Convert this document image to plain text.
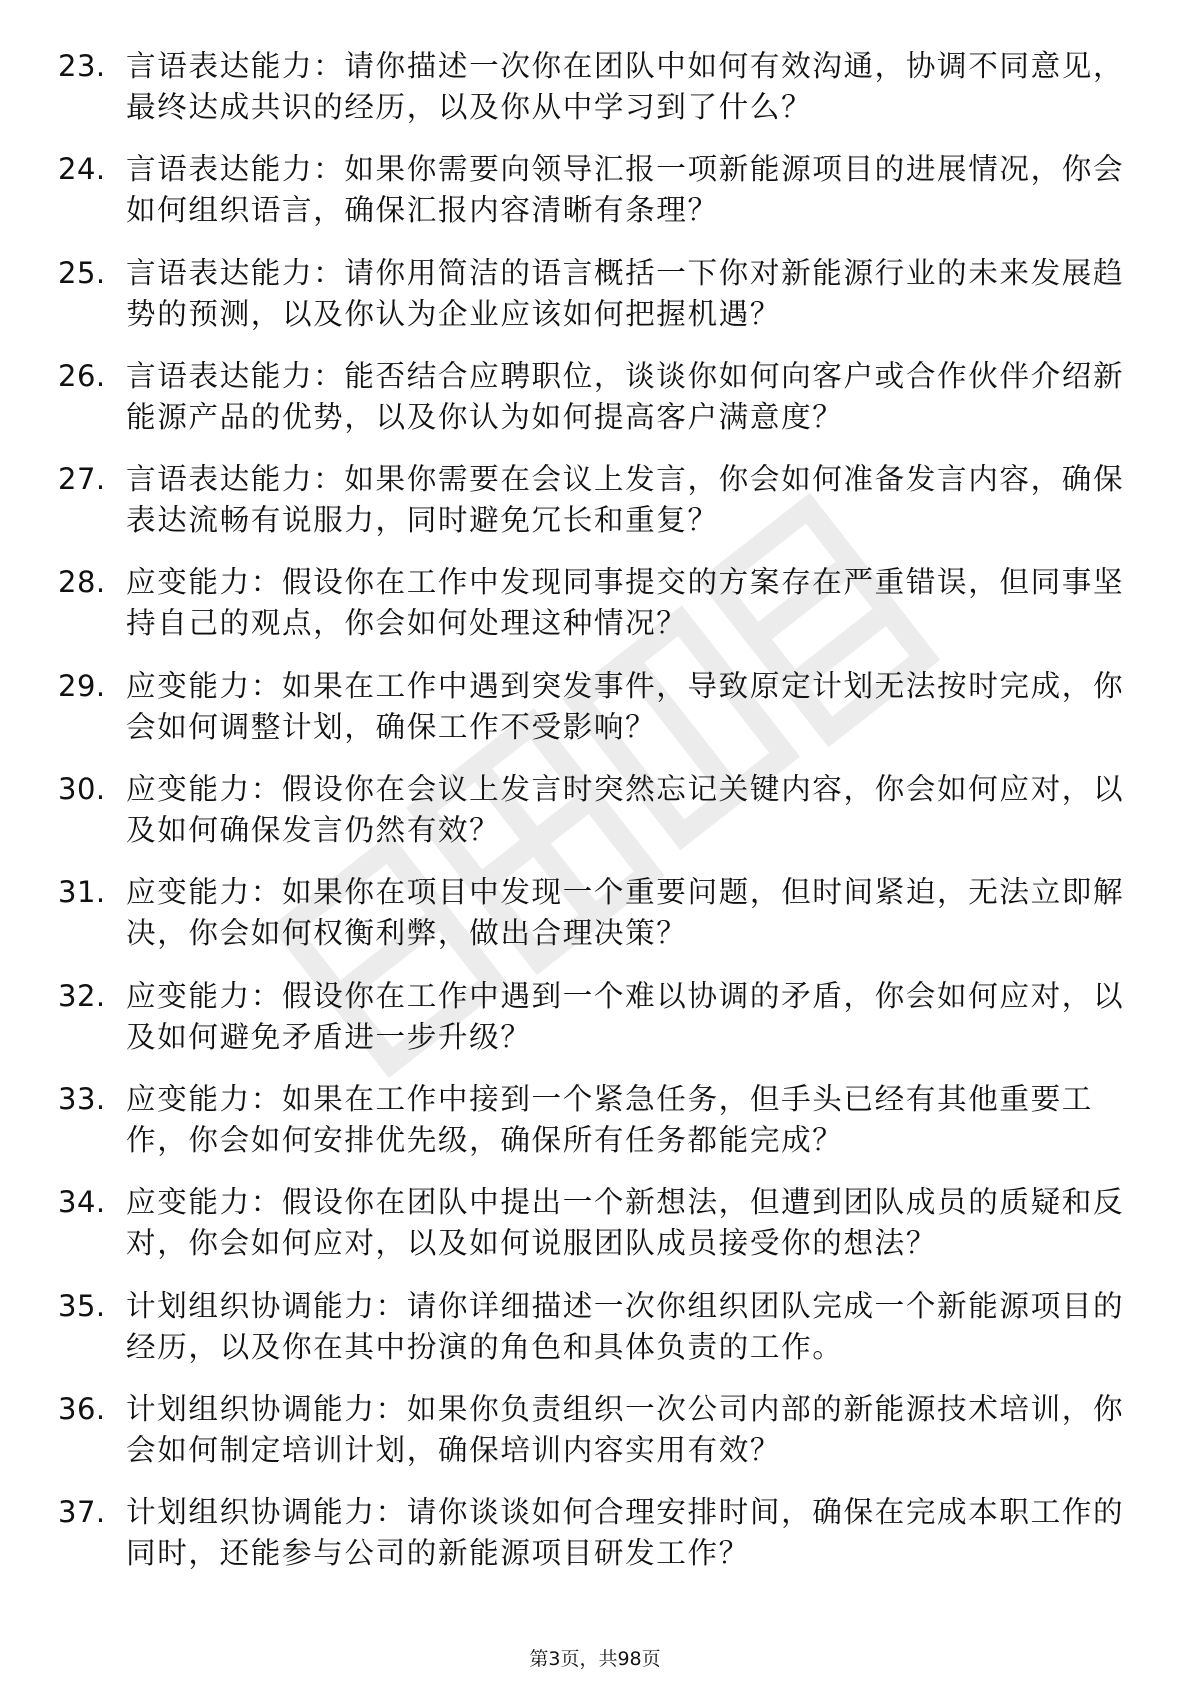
23. 言语表达能力：请你描述一次你在团队中如何有效沟通，协调不同意见，最终达成共识的经历，以及你从中学习到了什么？
24. 言语表达能力：如果你需要向领导汇报一项新能源项目的进展情况，你会如何组织语言，确保汇报内容清晰有条理？
25. 言语表达能力：请你用简洁的语言概括一下你对新能源行业的未来发展趋势的预测，以及你认为企业应该如何把握机遇？
26. 言语表达能力：能否结合应聘职位，谈谈你如何向客户或合作伙伴介绍新能源产品的优势，以及你认为如何提高客户满意度？
27. 言语表达能力：如果你需要在会议上发言，你会如何准备发言内容，确保表达流畅有说服力，同时避免冗长和重复？
28. 应变能力：假设你在工作中发现同事提交的方案存在严重错误，但同事坚持自己的观点，你会如何处理这种情况？
29. 应变能力：如果在工作中遇到突发事件，导致原定计划无法按时完成，你会如何调整计划，确保工作不受影响？
30. 应变能力：假设你在会议上发言时突然忘记关键内容，你会如何应对，以及如何确保发言仍然有效？
31. 应变能力：如果你在项目中发现一个重要问题，但时间紧迫，无法立即解决，你会如何权衡利弊，做出合理决策？
32. 应变能力：假设你在工作中遇到一个难以协调的矛盾，你会如何应对，以及如何避免矛盾进一步升级？
33. 应变能力：如果在工作中接到一个紧急任务，但手头已经有其他重要工作，你会如何安排优先级，确保所有任务都能完成？
34. 应变能力：假设你在团队中提出一个新想法，但遭到团队成员的质疑和反对，你会如何应对，以及如何说服团队成员接受你的想法？
35. 计划组织协调能力：请你详细描述一次你组织团队完成一个新能源项目的经历，以及你在其中扮演的角色和具体负责的工作。
36. 计划组织协调能力：如果你负责组织一次公司内部的新能源技术培训，你会如何制定培训计划，确保培训内容实用有效？
37. 计划组织协调能力：请你谈谈如何合理安排时间，确保在完成本职工作的同时，还能参与公司的新能源项目研发工作？
第3页，共98页
